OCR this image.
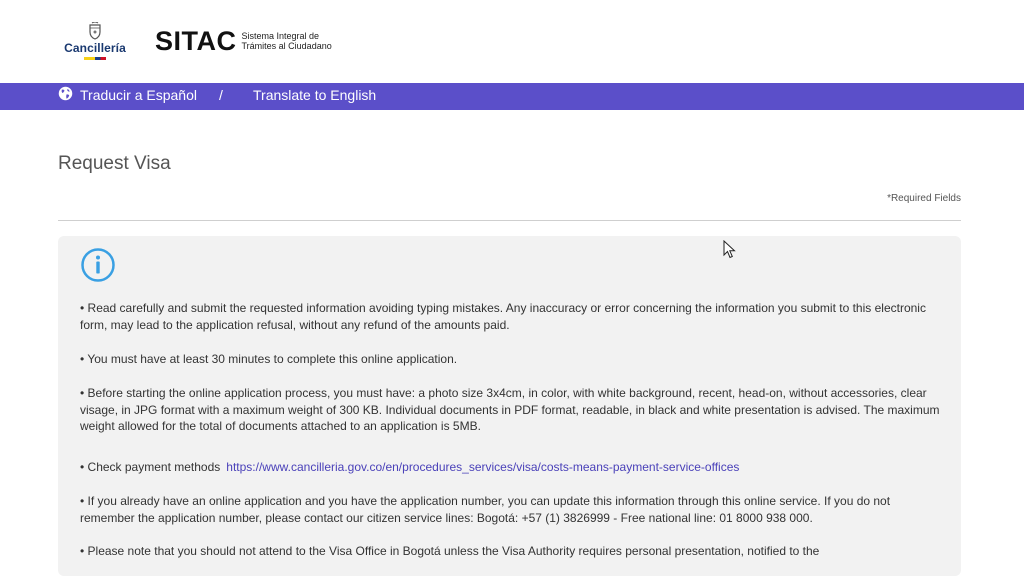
Cancillería SITAC Sistema Integral de
Trámites al Ciudadano
Traducir a Español / Translate to English
Request Visa
*Required Fields

• Read carefully and submit the requested information avoiding typing mistakes. Any inaccuracy or error concerning the information you submit to this electronic form, may lead to the application refusal, without any refund of the amounts paid.

• You must have at least 30 minutes to complete this online application.

• Before starting the online application process, you must have: a photo size 3x4cm, in color, with white background, recent, head-on, without accessories, clear visage, in JPG format with a maximum weight of 300 KB. Individual documents in PDF format, readable, in black and white presentation is advised. The maximum weight allowed for the total of documents attached to an application is 5MB.

• Check payment methods https://www.cancilleria.gov.co/en/procedures_services/visa/costs-means-payment-service-offices

• If you already have an online application and you have the application number, you can update this information through this online service. If you do not remember the application number, please contact our citizen service lines: Bogotá: +57 (1) 3826999 - Free national line: 01 8000 938 000.

• Please note that you should not attend to the Visa Office in Bogotá unless the Visa Authority requires personal presentation, notified to the
